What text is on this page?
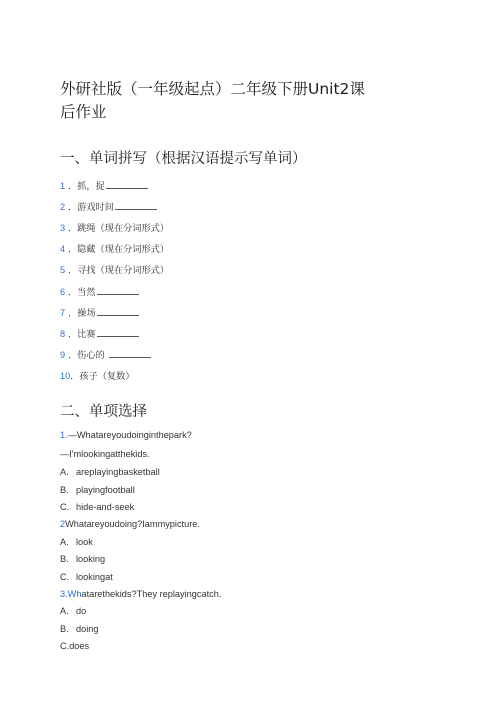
外研社版（一年级起点）二年级下册Unit2课
后作业
一、单词拼写（根据汉语提示写单词）
1 ．抓，捉
2 ．游戏时间
3 ．跳绳（现在分词形式）
4 ．隐藏（现在分词形式）
5 ．寻找（现在分词形式）
6 ．当然
7 ．操场
8 ．比赛
9 ．伤心的
10．孩子（复数）
二、单项选择
1.—Whatareyoudoinginthepark?
—I'mlookingatthekids.
A. areplayingbasketball
B. playingfootball
C. hide-and-seek
2Whatareyoudoing?Iammypicture.
A. look
B. looking
C. lookingat
3.Whatarethekids?They replayingcatch.
A. do
B. doing
C.does
